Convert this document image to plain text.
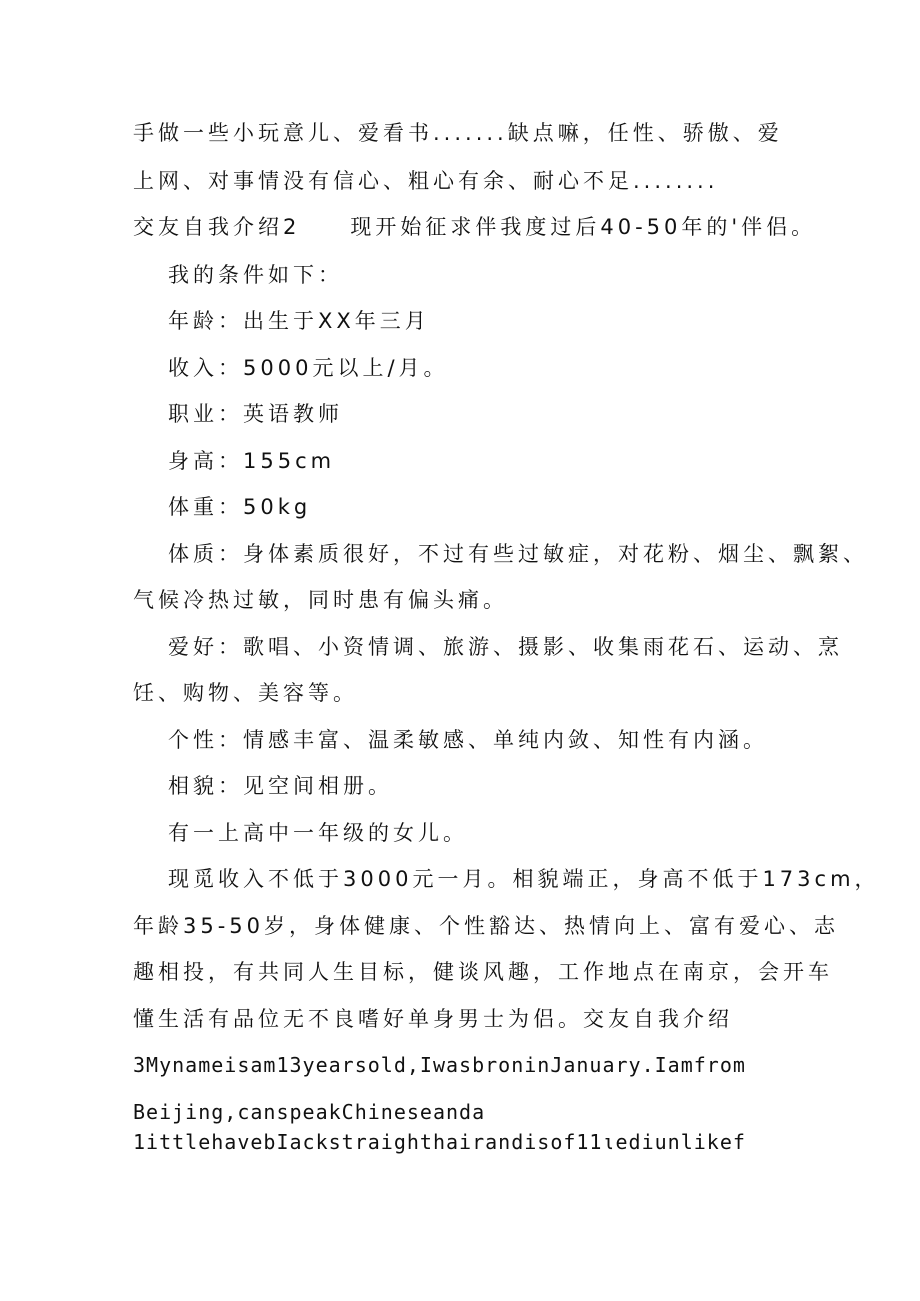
手做一些小玩意儿、爱看书.......缺点嘛，任性、骄傲、爱

上网、对事情没有信心、粗心有余、耐心不足........

交友自我介绍2　　现开始征求伴我度过后40-50年的'伴侣。

我的条件如下：

年龄：出生于XX年三月

收入：5000元以上/月。

职业：英语教师

身高：155cm

体重：50kg

体质：身体素质很好，不过有些过敏症，对花粉、烟尘、飘絮、

气候冷热过敏，同时患有偏头痛。

爱好：歌唱、小资情调、旅游、摄影、收集雨花石、运动、烹

饪、购物、美容等。

个性：情感丰富、温柔敏感、单纯内敛、知性有内涵。

相貌：见空间相册。

有一上高中一年级的女儿。

现觅收入不低于3000元一月。相貌端正，身高不低于173cm，

年龄35-50岁，身体健康、个性豁达、热情向上、富有爱心、志

趣相投，有共同人生目标，健谈风趣，工作地点在南京，会开车

懂生活有品位无不良嗜好单身男士为侣。交友自我介绍

3Mynameisam13yearsold,IwasbroninJanuary.Iamfrom

Beijing,canspeakChineseanda

1ittlehavebIackstraighthairandisof11ιediunlikef
